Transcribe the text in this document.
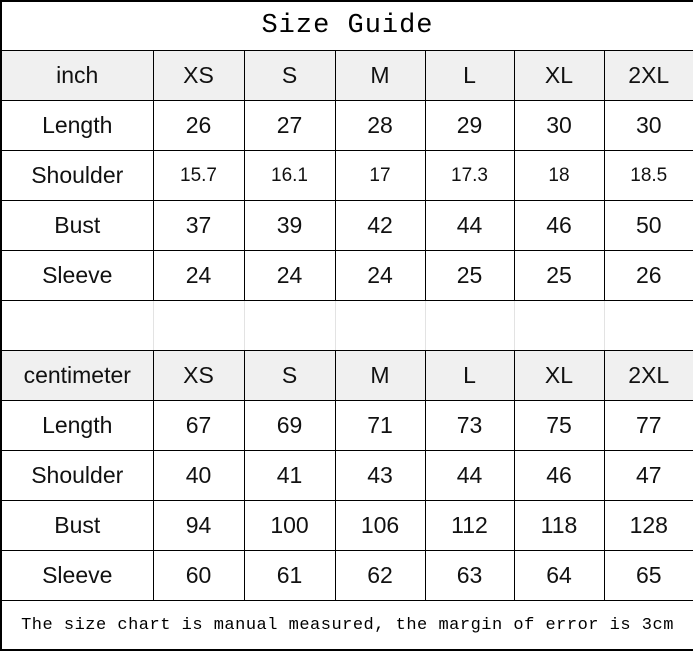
Size Guide						
inch	XS	S	M	L	XL	2XL
Length	26	27	28	29	30	30
Shoulder	15.7	16.1	17	17.3	18	18.5
Bust	37	39	42	44	46	50
Sleeve	24	24	24	25	25	26

centimeter	XS	S	M	L	XL	2XL
Length	67	69	71	73	75	77
Shoulder	40	41	43	44	46	47
Bust	94	100	106	112	118	128
Sleeve	60	61	62	63	64	65
The size chart is manual measured, the margin of error is 3cm						
